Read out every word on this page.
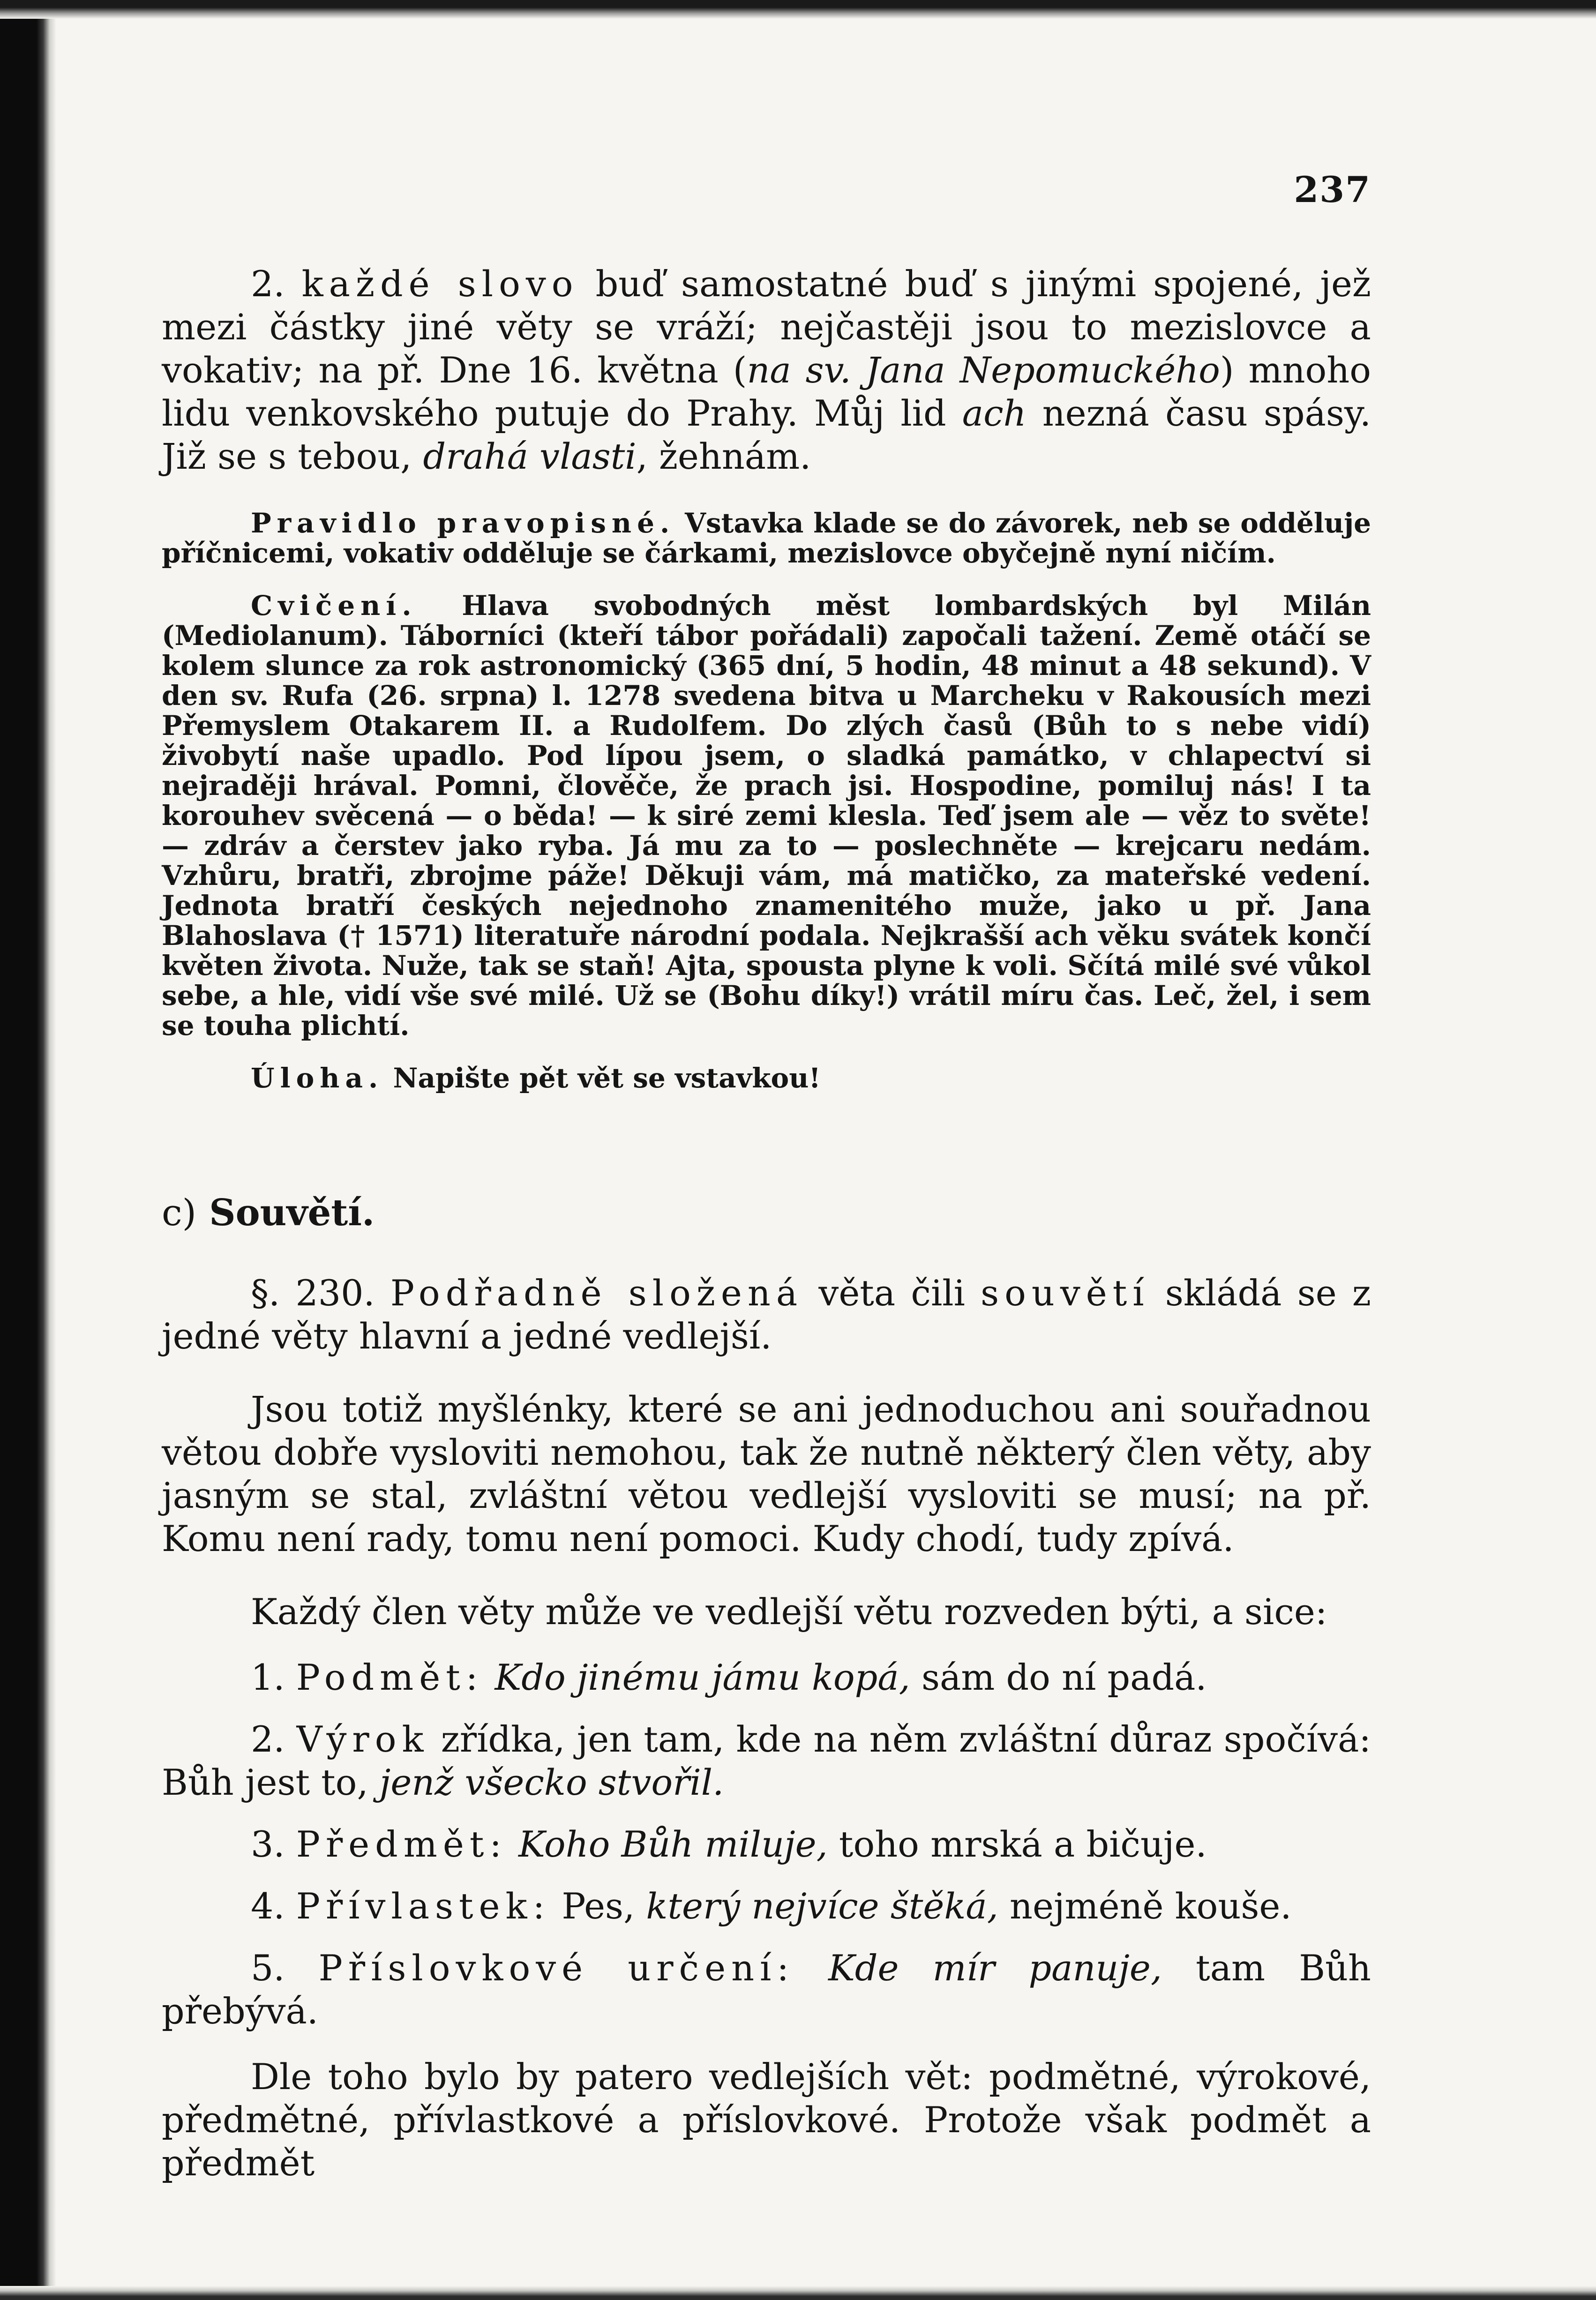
237

2. každé slovo buď samostatné buď s jinými spojené, jež mezi částky jiné věty se vráží; nejčastěji jsou to mezislovce a vokativ; na př. Dne 16. května (na sv. Jana Nepomuckého) mnoho lidu venkovského putuje do Prahy. Můj lid ach nezná času spásy. Již se s tebou, drahá vlasti, žehnám.

Pravidlo pravopisné. Vstavka klade se do závorek, neb se odděluje příčnicemi, vokativ odděluje se čárkami, mezislovce obyčejně nyní ničím.

Cvičení. Hlava svobodných měst lombardských byl Milán (Mediolanum). Táborníci (kteří tábor pořádali) započali tažení. Země otáčí se kolem slunce za rok astronomický (365 dní, 5 hodin, 48 minut a 48 sekund). V den sv. Rufa (26. srpna) l. 1278 svedena bitva u Marcheku v Rakousích mezi Přemyslem Otakarem II. a Rudolfem. Do zlých časů (Bůh to s nebe vidí) živobytí naše upadlo. Pod lípou jsem, o sladká památko, v chlapectví si nejraději hrával. Pomni, člověče, že prach jsi. Hospodine, pomiluj nás! I ta korouhev svěcená — o běda! — k siré zemi klesla. Teď jsem ale — věz to světe! — zdráv a čerstev jako ryba. Já mu za to — poslechněte — krejcaru nedám. Vzhůru, bratři, zbrojme páže! Děkuji vám, má matičko, za mateřské vedení. Jednota bratří českých nejednoho znamenitého muže, jako u př. Jana Blahoslava († 1571) literatuře národní podala. Nejkrašší ach věku svátek končí květen života. Nuže, tak se staň! Ajta, spousta plyne k voli. Sčítá milé své vůkol sebe, a hle, vidí vše své milé. Už se (Bohu díky!) vrátil míru čas. Leč, žel, i sem se touha plichtí.

Úloha. Napište pět vět se vstavkou!

c) Souvětí.

§. 230. Podřadně složená věta čili souvětí skládá se z jedné věty hlavní a jedné vedlejší.

Jsou totiž myšlénky, které se ani jednoduchou ani souřadnou větou dobře vysloviti nemohou, tak že nutně některý člen věty, aby jasným se stal, zvláštní větou vedlejší vysloviti se musí; na př. Komu není rady, tomu není pomoci. Kudy chodí, tudy zpívá.

Každý člen věty může ve vedlejší větu rozveden býti, a sice:

1. Podmět: Kdo jinému jámu kopá, sám do ní padá.

2. Výrok zřídka, jen tam, kde na něm zvláštní důraz spočívá: Bůh jest to, jenž všecko stvořil.

3. Předmět: Koho Bůh miluje, toho mrská a bičuje.

4. Přívlastek: Pes, který nejvíce štěká, nejméně kouše.

5. Příslovkové určení: Kde mír panuje, tam Bůh přebývá.

Dle toho bylo by patero vedlejších vět: podmětné, výrokové, předmětné, přívlastkové a příslovkové. Protože však podmět a předmět
